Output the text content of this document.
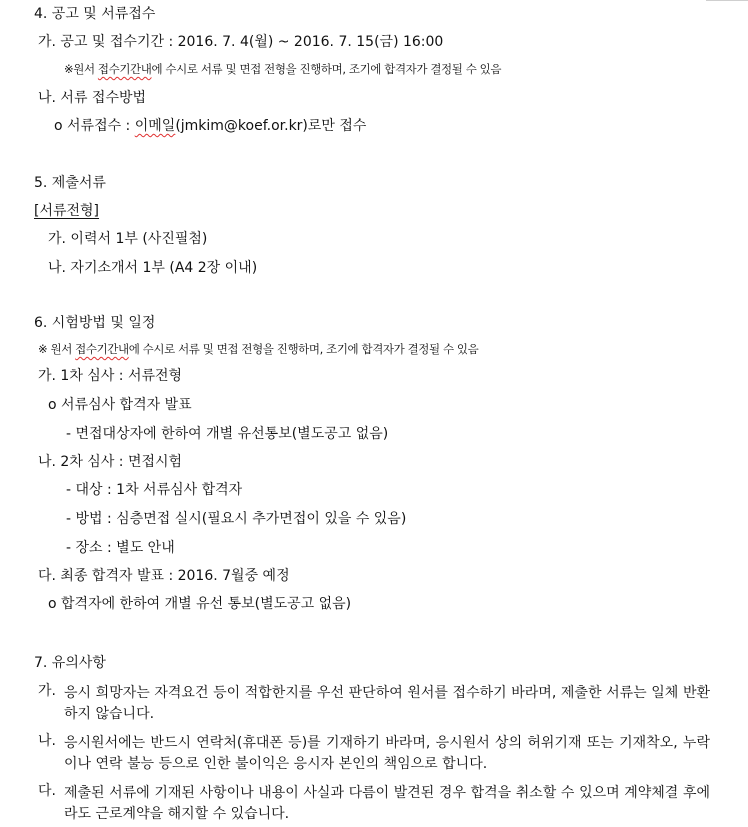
4. 공고 및 서류접수
가. 공고 및 접수기간 : 2016. 7. 4(월) ~ 2016. 7. 15(금) 16:00
※원서 접수기간내에 수시로 서류 및 면접 전형을 진행하며, 조기에 합격자가 결정될 수 있음
나. 서류 접수방법
o 서류접수 : 이메일(jmkim@koef.or.kr)로만 접수
5. 제출서류
[서류전형]
가. 이력서 1부 (사진필첨)
나. 자기소개서 1부 (A4 2장 이내)
6. 시험방법 및 일정
※ 원서 접수기간내에 수시로 서류 및 면접 전형을 진행하며, 조기에 합격자가 결정될 수 있음
가. 1차 심사 : 서류전형
o 서류심사 합격자 발표
- 면접대상자에 한하여 개별 유선통보(별도공고 없음)
나. 2차 심사 : 면접시험
- 대상 : 1차 서류심사 합격자
- 방법 : 심층면접 실시(필요시 추가면접이 있을 수 있음)
- 장소 : 별도 안내
다. 최종 합격자 발표 : 2016. 7월중 예정
o 합격자에 한하여 개별 유선 통보(별도공고 없음)
7. 유의사항
가. 응시 희망자는 자격요건 등이 적합한지를 우선 판단하여 원서를 접수하기 바라며, 제출한 서류는 일체 반환하지 않습니다.
나. 응시원서에는 반드시 연락처(휴대폰 등)를 기재하기 바라며, 응시원서 상의 허위기재 또는 기재착오, 누락이나 연락 불능 등으로 인한 불이익은 응시자 본인의 책임으로 합니다.
다. 제출된 서류에 기재된 사항이나 내용이 사실과 다름이 발견된 경우 합격을 취소할 수 있으며 계약체결 후에라도 근로계약을 해지할 수 있습니다.
